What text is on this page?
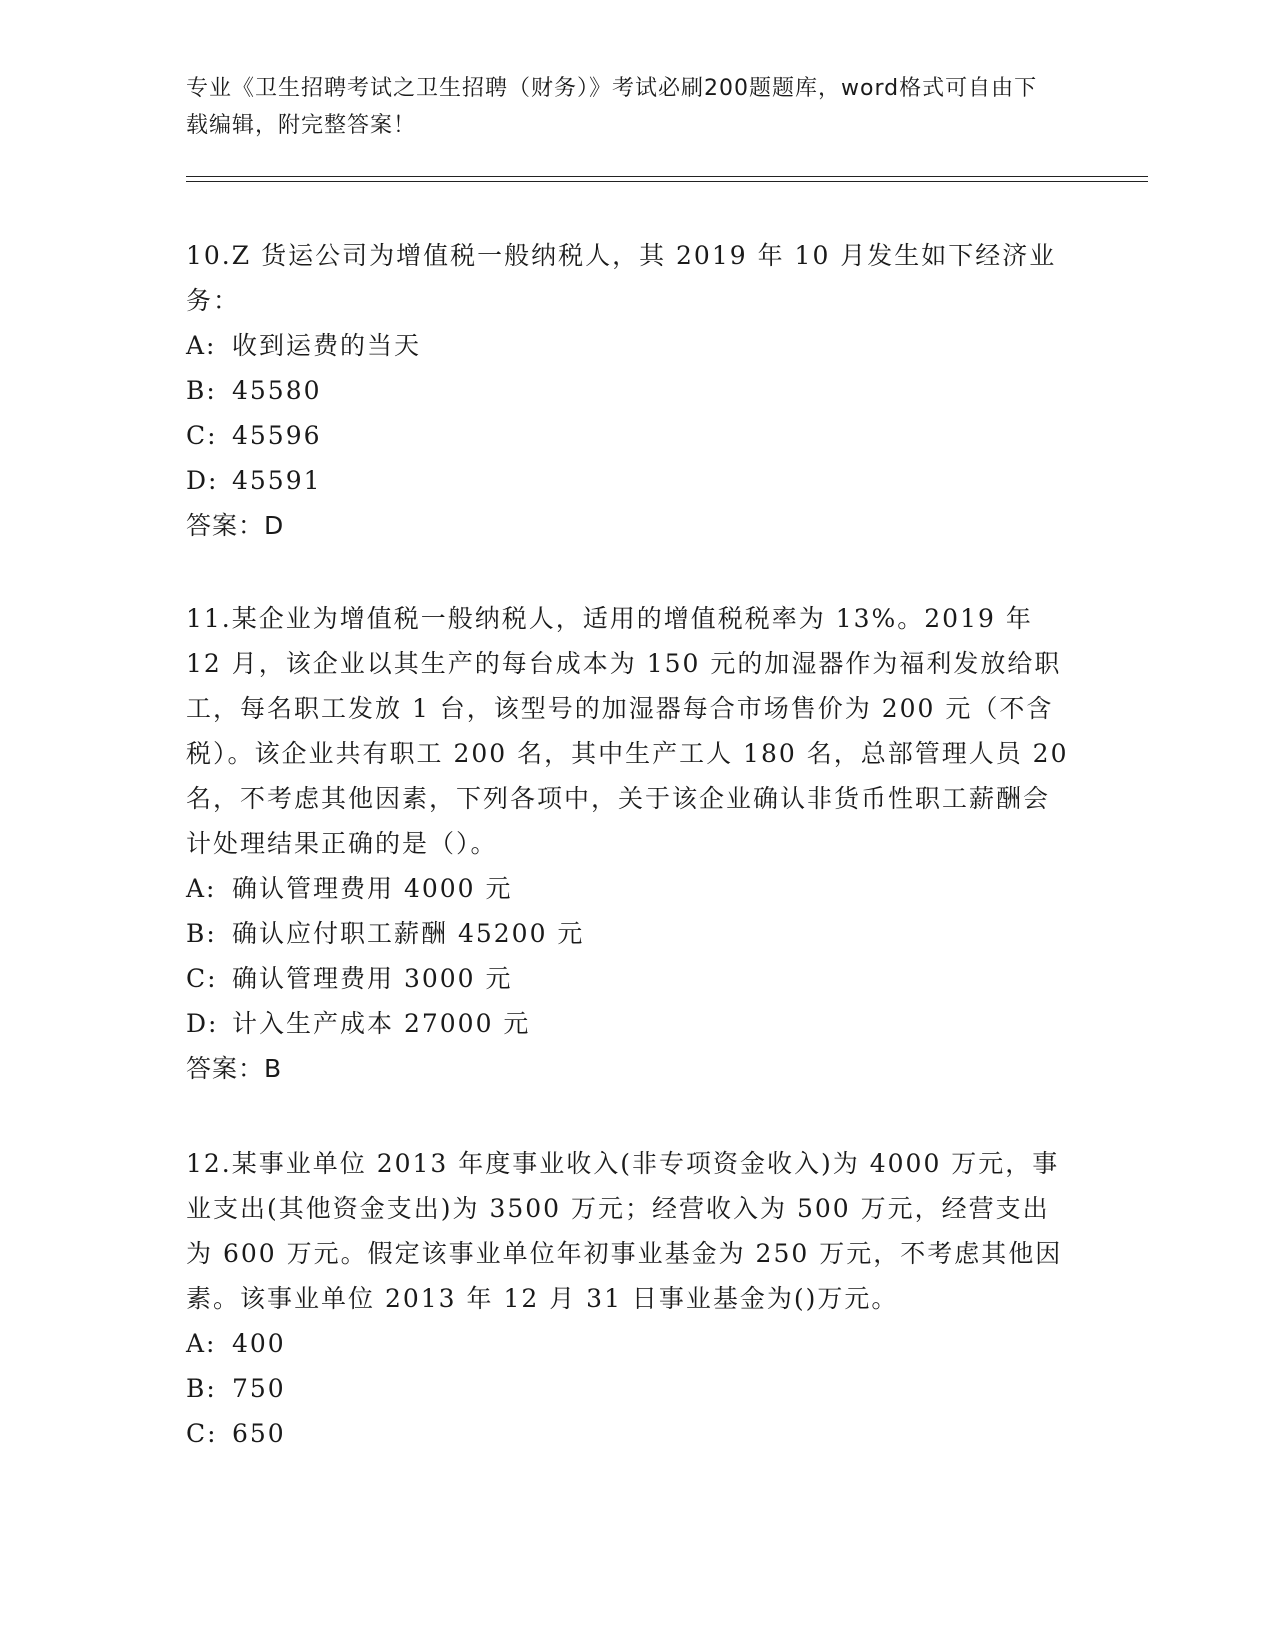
专业《卫生招聘考试之卫生招聘（财务）》考试必刷200题题库，word格式可自由下载编辑，附完整答案！

10.Z 货运公司为增值税一般纳税人，其 2019 年 10 月发生如下经济业务：

A: 收到运费的当天

B: 45580

C: 45596

D: 45591

答案：D

11.某企业为增值税一般纳税人，适用的增值税税率为 13%。2019 年 12 月，该企业以其生产的每台成本为 150 元的加湿器作为福利发放给职工，每名职工发放 1 台，该型号的加湿器每合市场售价为 200 元（不含税）。该企业共有职工 200 名，其中生产工人 180 名，总部管理人员 20 名，不考虑其他因素，下列各项中，关于该企业确认非货币性职工薪酬会计处理结果正确的是（）。

A: 确认管理费用 4000 元

B: 确认应付职工薪酬 45200 元

C: 确认管理费用 3000 元

D: 计入生产成本 27000 元

答案：B

12.某事业单位 2013 年度事业收入(非专项资金收入)为 4000 万元，事业支出(其他资金支出)为 3500 万元；经营收入为 500 万元，经营支出为 600 万元。假定该事业单位年初事业基金为 250 万元，不考虑其他因素。该事业单位 2013 年 12 月 31 日事业基金为()万元。

A: 400

B: 750

C: 650
